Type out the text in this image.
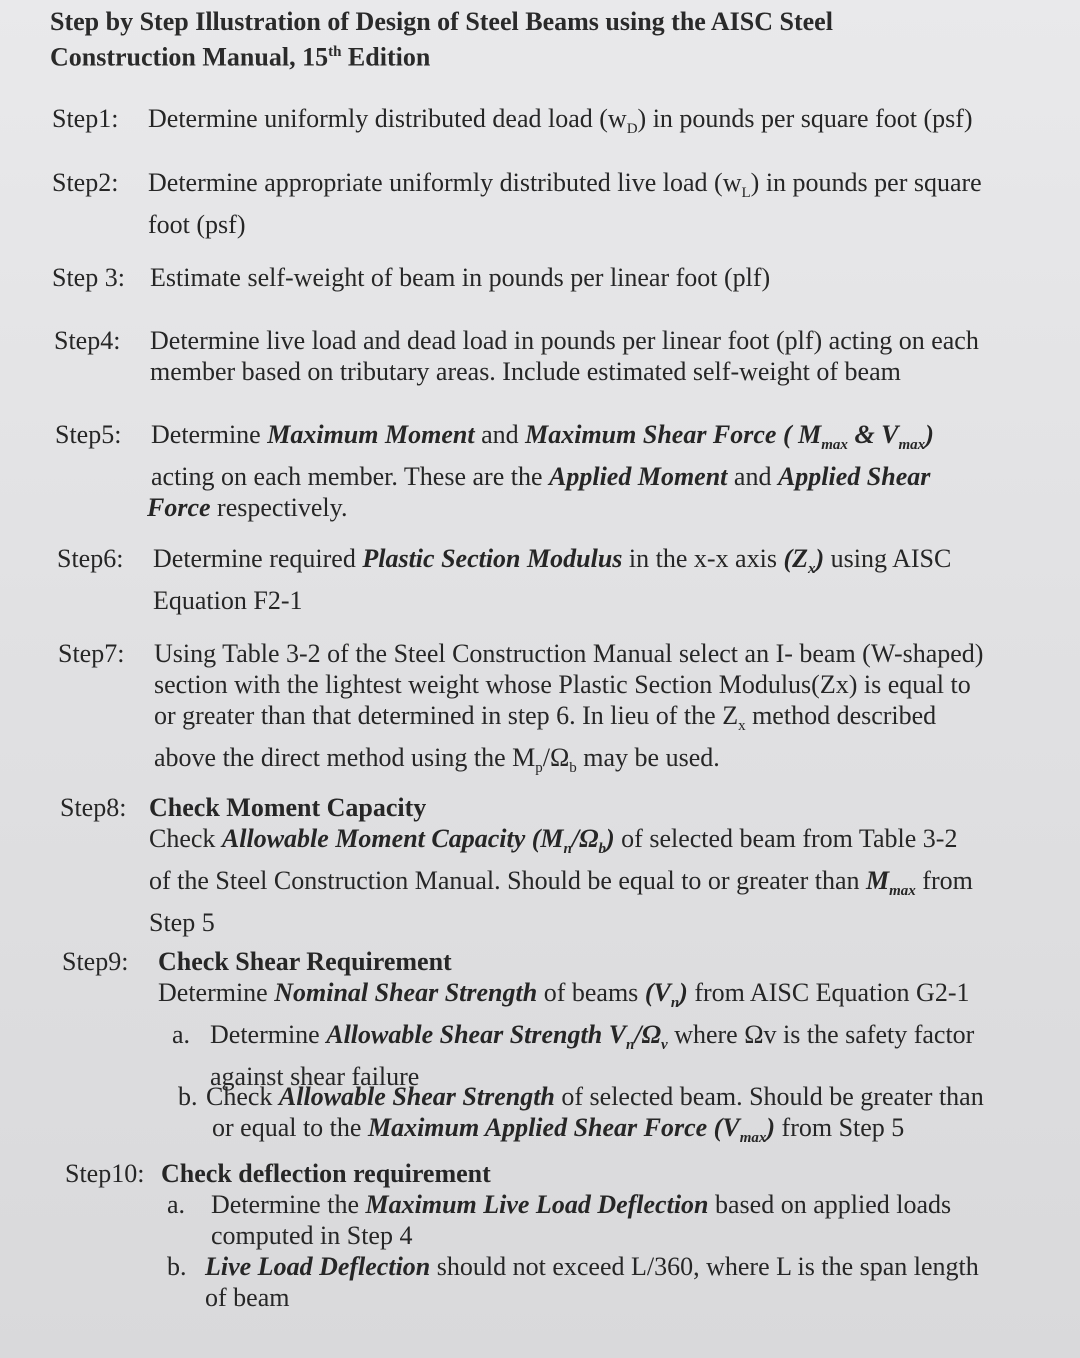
Step by Step Illustration of Design of Steel Beams using the AISC Steel
Construction Manual, 15th Edition
Step1: Determine uniformly distributed dead load $(w_D)$ in pounds per square foot (psf)
Step2: Determine appropriate uniformly distributed live load $(w_L)$ in pounds per square
foot (psf)
Step 3: Estimate self-weight of beam in pounds per linear foot (plf)
Step4: Determine live load and dead load in pounds per linear foot (plf) acting on each
member based on tributary areas. Include estimated self-weight of beam
Step5: Determine Maximum Moment and Maximum Shear Force ( $M_{max}$ & $V_{max}$)
acting on each member. These are the Applied Moment and Applied Shear
Force respectively.
Step6: Determine required Plastic Section Modulus in the x-x axis $(Z_x)$ using AISC
Equation F2-1
Step7: Using Table 3-2 of the Steel Construction Manual select an I- beam (W-shaped)
section with the lightest weight whose Plastic Section Modulus(Zx) is equal to
or greater than that determined in step 6. In lieu of the $Z_x$ method described
above the direct method using the $M_p/\Omega_b$ may be used.
Step8: Check Moment Capacity
Check Allowable Moment Capacity $(M_n/\Omega_b)$ of selected beam from Table 3-2
of the Steel Construction Manual. Should be equal to or greater than $M_{max}$ from
Step 5
Step9: Check Shear Requirement
Determine Nominal Shear Strength of beams $(V_n)$ from AISC Equation G2-1
a. Determine Allowable Shear Strength $V_n/\Omega_v$ where Ωv is the safety factor
against shear failure
b. Check Allowable Shear Strength of selected beam. Should be greater than
or equal to the Maximum Applied Shear Force $(V_{max})$ from Step 5
Step10: Check deflection requirement
a. Determine the Maximum Live Load Deflection based on applied loads
computed in Step 4
b. Live Load Deflection should not exceed L/360, where L is the span length
of beam
